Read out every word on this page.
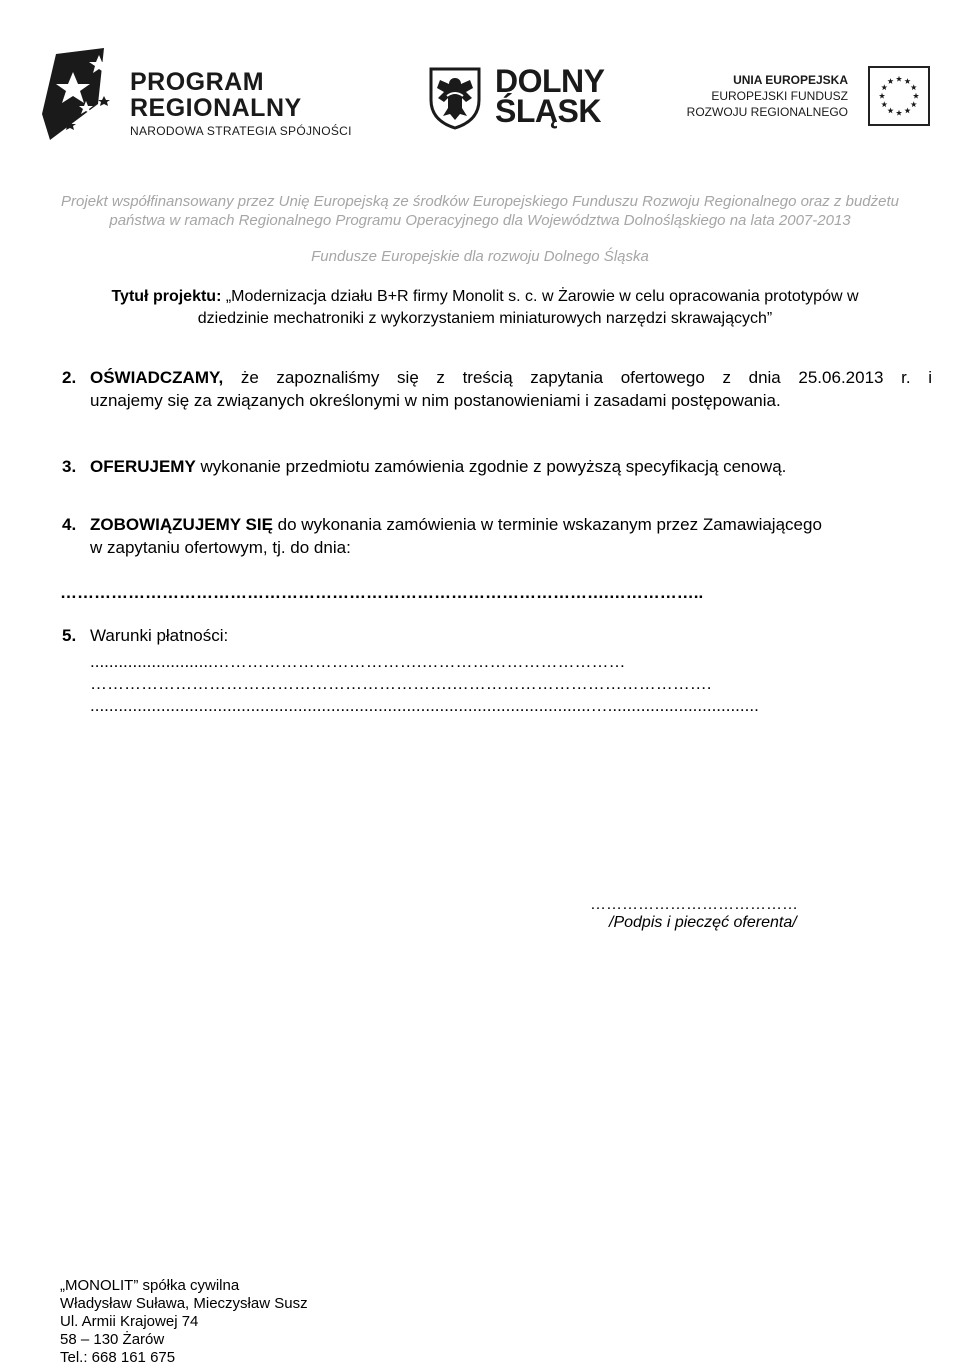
PROGRAM
REGIONALNY
NARODOWA STRATEGIA SPÓJNOŚCI
DOLNY
ŚLĄSK
UNIA EUROPEJSKA
EUROPEJSKI FUNDUSZ
ROZWOJU REGIONALNEGO
Projekt współfinansowany przez Unię Europejską ze środków Europejskiego Funduszu Rozwoju Regionalnego oraz z budżetu
państwa w ramach Regionalnego Programu Operacyjnego dla Województwa Dolnośląskiego na lata 2007-2013
Fundusze Europejskie dla rozwoju Dolnego Śląska
Tytuł projektu: „Modernizacja działu B+R firmy Monolit s. c. w Żarowie w celu opracowania prototypów w
dziedzinie mechatroniki z wykorzystaniem miniaturowych narzędzi skrawających”
2. OŚWIADCZAMY, że zapoznaliśmy się z treścią zapytania ofertowego z dnia 25.06.2013 r. i
uznajemy się za związanych określonymi w nim postanowieniami i zasadami postępowania.
3. OFERUJEMY wykonanie przedmiotu zamówienia zgodnie z powyższą specyfikacją cenową.
4. ZOBOWIĄZUJEMY SIĘ do wykonania zamówienia w terminie wskazanym przez Zamawiającego
w zapytaniu ofertowym, tj. do dnia:
…………………………………………………………………………………….……………..
5. Warunki płatności:
..........................……………………………….………………………………
……………………………………………………….……………………………………….
..........................................................................................................…................................
…………………………………
/Podpis i pieczęć oferenta/
„MONOLIT” spółka cywilna
Władysław Suława, Mieczysław Susz
Ul. Armii Krajowej 74
58 – 130 Żarów
Tel.: 668 161 675
